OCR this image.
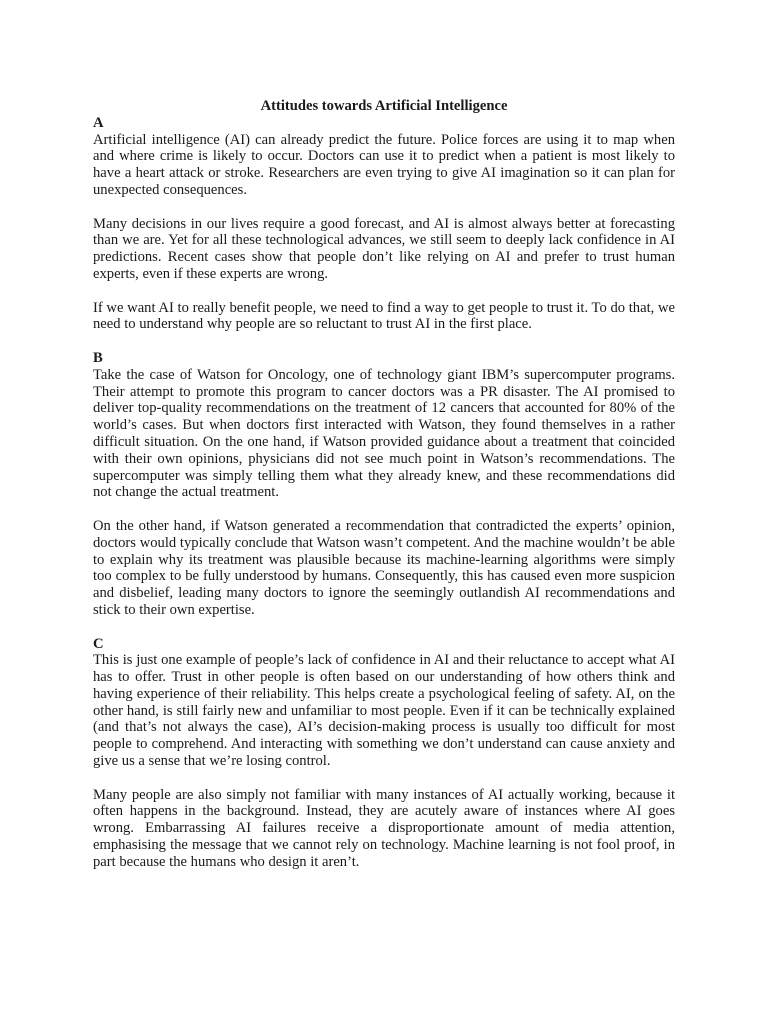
Attitudes towards Artificial Intelligence

A

Artificial intelligence (AI) can already predict the future. Police forces are using it to map when and where crime is likely to occur. Doctors can use it to predict when a patient is most likely to have a heart attack or stroke. Researchers are even trying to give AI imagination so it can plan for unexpected consequences.

Many decisions in our lives require a good forecast, and AI is almost always better at forecasting than we are. Yet for all these technological advances, we still seem to deeply lack confidence in AI predictions. Recent cases show that people don’t like relying on AI and prefer to trust human experts, even if these experts are wrong.

If we want AI to really benefit people, we need to find a way to get people to trust it. To do that, we need to understand why people are so reluctant to trust AI in the first place.

B

Take the case of Watson for Oncology, one of technology giant IBM’s supercomputer programs. Their attempt to promote this program to cancer doctors was a PR disaster. The AI promised to deliver top-quality recommendations on the treatment of 12 cancers that accounted for 80% of the world’s cases. But when doctors first interacted with Watson, they found themselves in a rather difficult situation. On the one hand, if Watson provided guidance about a treatment that coincided with their own opinions, physicians did not see much point in Watson’s recommendations. The supercomputer was simply telling them what they already knew, and these recommendations did not change the actual treatment.

On the other hand, if Watson generated a recommendation that contradicted the experts’ opinion, doctors would typically conclude that Watson wasn’t competent. And the machine wouldn’t be able to explain why its treatment was plausible because its machine-learning algorithms were simply too complex to be fully understood by humans. Consequently, this has caused even more suspicion and disbelief, leading many doctors to ignore the seemingly outlandish AI recommendations and stick to their own expertise.

C

This is just one example of people’s lack of confidence in AI and their reluctance to accept what AI has to offer. Trust in other people is often based on our understanding of how others think and having experience of their reliability. This helps create a psychological feeling of safety. AI, on the other hand, is still fairly new and unfamiliar to most people. Even if it can be technically explained (and that’s not always the case), AI’s decision-making process is usually too difficult for most people to comprehend. And interacting with something we don’t understand can cause anxiety and give us a sense that we’re losing control.

Many people are also simply not familiar with many instances of AI actually working, because it often happens in the background. Instead, they are acutely aware of instances where AI goes wrong. Embarrassing AI failures receive a disproportionate amount of media attention, emphasising the message that we cannot rely on technology. Machine learning is not fool proof, in part because the humans who design it aren’t.
